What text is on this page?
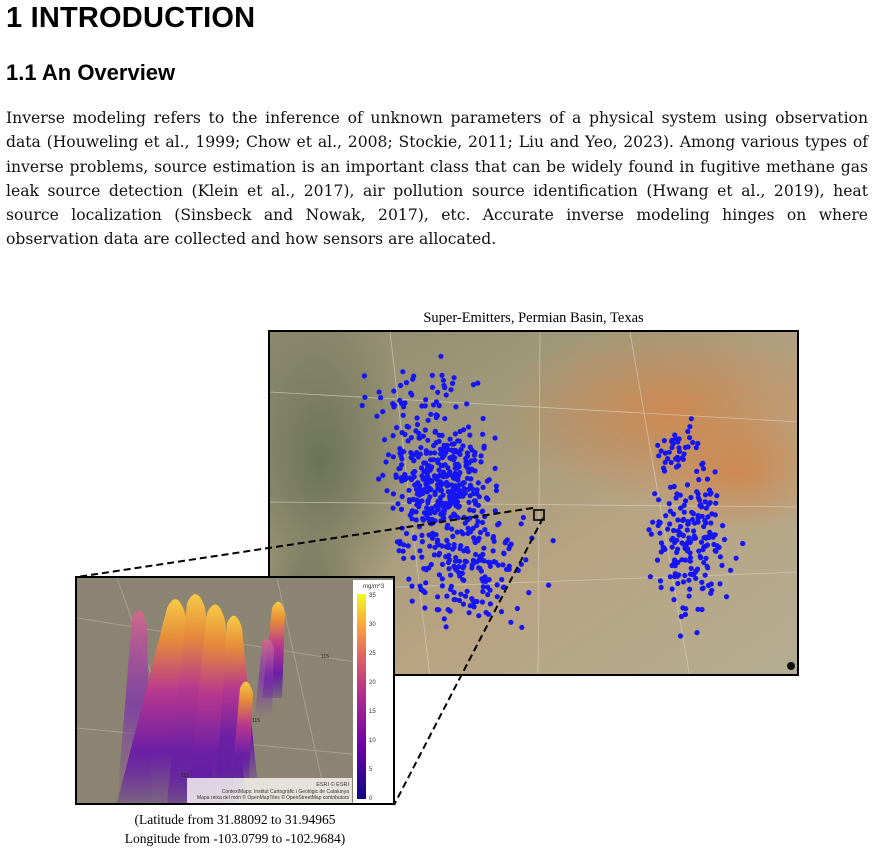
1 INTRODUCTION
1.1 An Overview

Inverse modeling refers to the inference of unknown parameters of a physical system using observation data (Houweling et al., 1999; Chow et al., 2008; Stockie, 2011; Liu and Yeo, 2023). Among various types of inverse problems, source estimation is an important class that can be widely found in fugitive methane gas leak source detection (Klein et al., 2017), air pollution source identification (Hwang et al., 2019), heat source localization (Sinsbeck and Nowak, 2017), etc. Accurate inverse modeling hinges on where observation data are collected and how sensors are allocated.

Super-Emitters, Permian Basin, Texas
ESRI © ESRI
ContextMaps: Institut Cartogràfic i Geològic de Catalunya
Mapa reixa del món © OpenMapTiles © OpenStreetMap contributors
115
115
115
mg/m^3
35
30
25
20
15
10
5
0
(Latitude from 31.88092 to 31.94965
Longitude from -103.0799 to -102.9684)
